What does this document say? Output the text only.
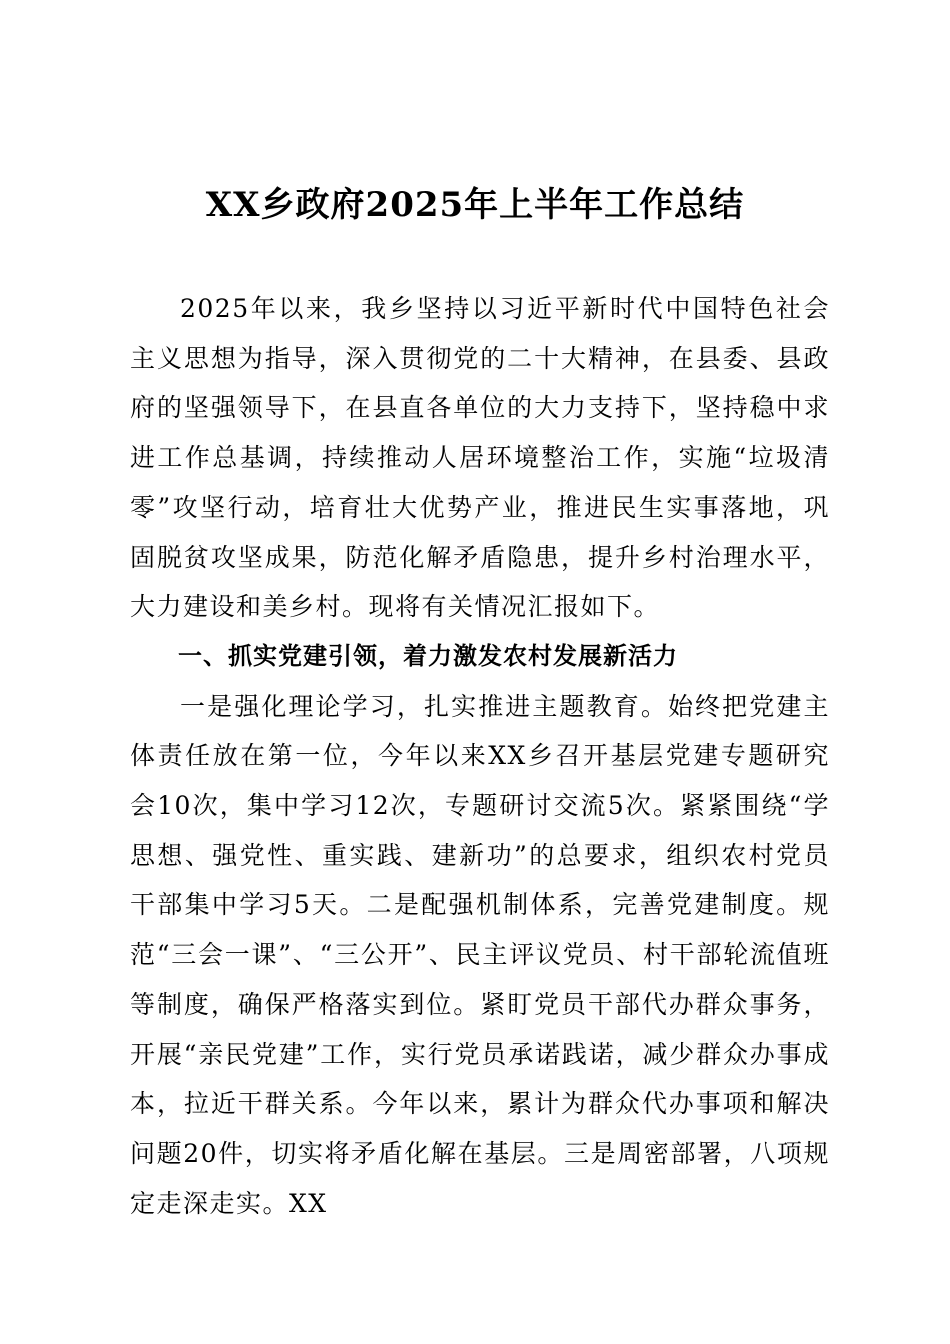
XX乡政府2025年上半年工作总结

2025年以来，我乡坚持以习近平新时代中国特色社会主义思想为指导，深入贯彻党的二十大精神，在县委、县政府的坚强领导下，在县直各单位的大力支持下，坚持稳中求进工作总基调，持续推动人居环境整治工作，实施“垃圾清零”攻坚行动，培育壮大优势产业，推进民生实事落地，巩固脱贫攻坚成果，防范化解矛盾隐患，提升乡村治理水平，大力建设和美乡村。现将有关情况汇报如下。

一、抓实党建引领，着力激发农村发展新活力

一是强化理论学习，扎实推进主题教育。始终把党建主体责任放在第一位，今年以来XX乡召开基层党建专题研究会10次，集中学习12次，专题研讨交流5次。紧紧围绕“学思想、强党性、重实践、建新功”的总要求，组织农村党员干部集中学习5天。二是配强机制体系，完善党建制度。规范“三会一课”、“三公开”、民主评议党员、村干部轮流值班等制度，确保严格落实到位。紧盯党员干部代办群众事务，开展“亲民党建”工作，实行党员承诺践诺，减少群众办事成本，拉近干群关系。今年以来，累计为群众代办事项和解决问题20件，切实将矛盾化解在基层。三是周密部署，八项规定走深走实。XX
